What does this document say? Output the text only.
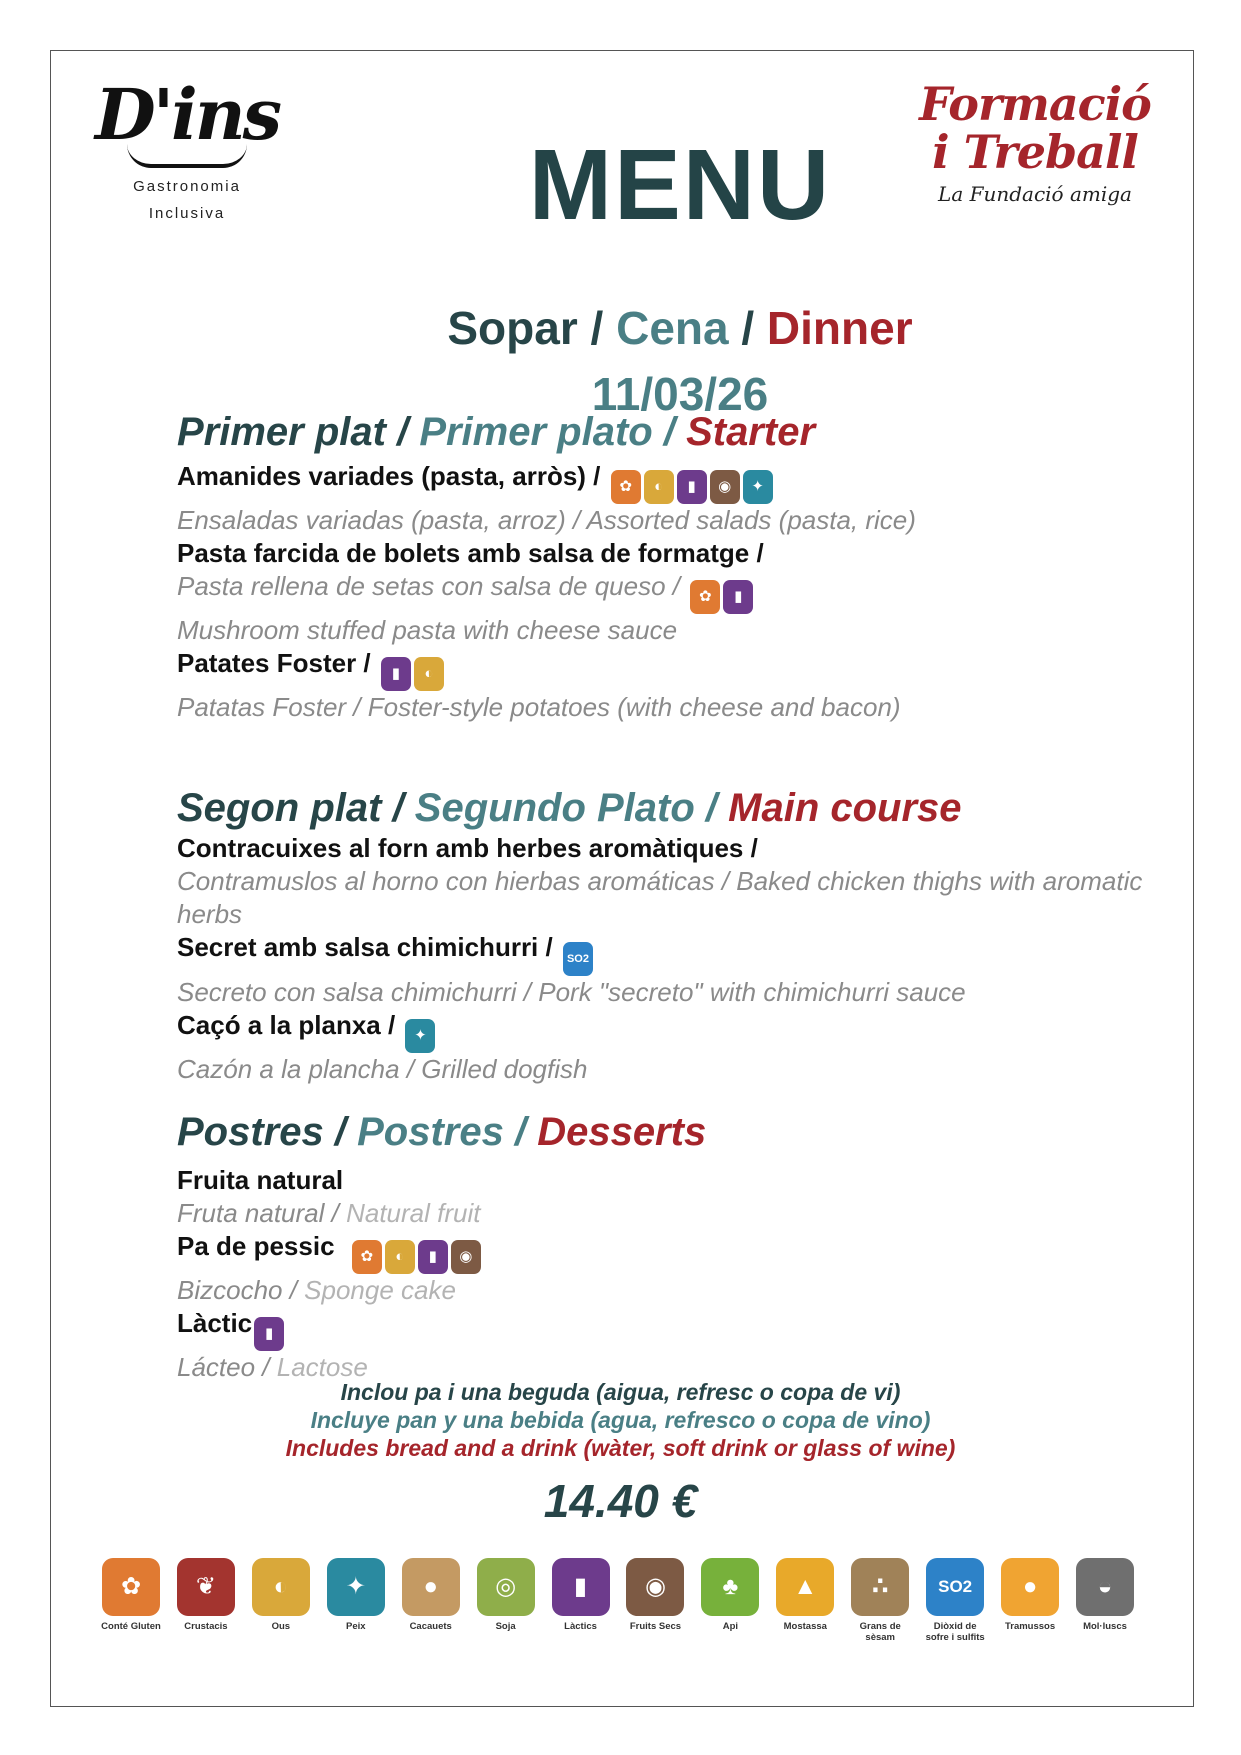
D'ins
Gastronomia
Inclusiva
Formació
i Treball
La Fundació amiga
MENU
Sopar / Cena / Dinner
11/03/26
Primer plat / Primer plato / Starter
Amanides variades (pasta, arròs) / ✿ ◐ ▮ ◉ ✦
Ensaladas variadas (pasta, arroz) / Assorted salads (pasta, rice)
Pasta farcida de bolets amb salsa de formatge /
Pasta rellena de setas con salsa de queso / ✿ ▮
Mushroom stuffed pasta with cheese sauce
Patates Foster / ▮ ◐
Patatas Foster / Foster-style potatoes (with cheese and bacon)
Segon plat / Segundo Plato / Main course
Contracuixes al forn amb herbes aromàtiques /
Contramuslos al horno con hierbas aromáticas / Baked chicken thighs with aromatic herbs
Secret amb salsa chimichurri / SO2
Secreto con salsa chimichurri / Pork "secreto" with chimichurri sauce
Caçó a la planxa / ✦
Cazón a la plancha / Grilled dogfish
Postres / Postres / Desserts
Fruita natural
Fruta natural / Natural fruit
Pa de pessic ✿ ◐ ▮ ◉
Bizcocho / Sponge cake
Làctic ▮
Lácteo / Lactose
Inclou pa i una beguda (aigua, refresc o copa de vi)
Incluye pan y una bebida (agua, refresco o copa de vino)
Includes bread and a drink (wàter, soft drink or glass of wine)
14.40 €
✿
Conté Gluten
❦
Crustacis
◐
Ous
✦
Peix
●
Cacauets
◎
Soja
▮
Làctics
◉
Fruits Secs
♣
Api
▲
Mostassa
∴
Grans de sèsam
SO2
Diòxid de sofre i sulfits
●
Tramussos
◒
Mol·luscs
